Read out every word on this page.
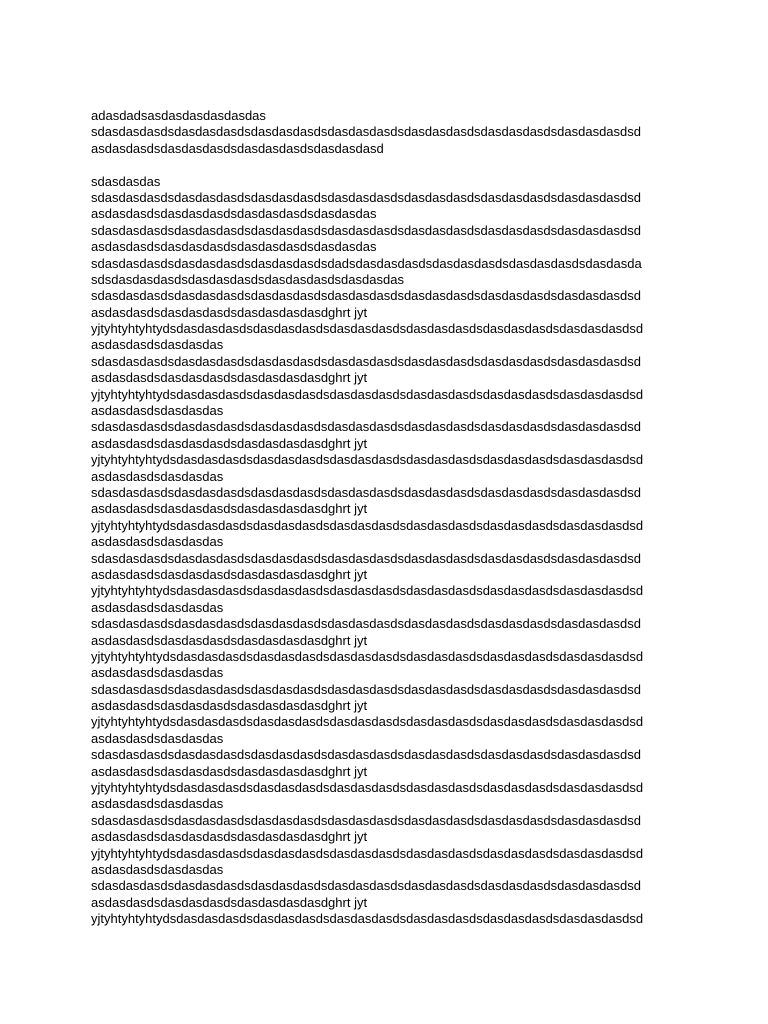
adasdadsasdasdasdasdasdas
sdasdasdasdsdasdasdasdsdasdasdasdsdasdasdasdsdasdasdasdsdasdasdasdsdasdasdasdsd
asdasdasdsdasdasdasdsdasdasdasdsdasdasdasd
sdasdasdas
sdasdasdasdsdasdasdasdsdasdasdasdsdasdasdasdsdasdasdasdsdasdasdasdsdasdasdasdsd
asdasdasdsdasdasdasdsdasdasdasdsdasdasdas
sdasdasdasdsdasdasdasdsdasdasdasdsdasdasdasdsdasdasdasdsdasdasdasdsdasdasdasdsd
asdasdasdsdasdasdasdsdasdasdasdsdasdasdas
sdasdasdasdsdasdasdasdsdasdasdasdsdadsdasdasdasdsdasdasdasdsdasdasdasdsdasdasda
sdsdasdasdasdsdasdasdasdsdasdasdasdsdasdasdas
sdasdasdasdsdasdasdasdsdasdasdasdsdasdasdasdsdasdasdasdsdasdasdasdsdasdasdasdsd
asdasdasdsdasdasdasdsdasdasdasdasdghrt jyt
yjtyhtyhtyhtydsdasdasdasdsdasdasdasdsdasdasdasdsdasdasdasdsdasdasdasdsdasdasdasdsd
asdasdasdsdasdasdas
sdasdasdasdsdasdasdasdsdasdasdasdsdasdasdasdsdasdasdasdsdasdasdasdsdasdasdasdsd
asdasdasdsdasdasdasdsdasdasdasdasdghrt jyt
yjtyhtyhtyhtydsdasdasdasdsdasdasdasdsdasdasdasdsdasdasdasdsdasdasdasdsdasdasdasdsd
asdasdasdsdasdasdas
sdasdasdasdsdasdasdasdsdasdasdasdsdasdasdasdsdasdasdasdsdasdasdasdsdasdasdasdsd
asdasdasdsdasdasdasdsdasdasdasdasdghrt jyt
yjtyhtyhtyhtydsdasdasdasdsdasdasdasdsdasdasdasdsdasdasdasdsdasdasdasdsdasdasdasdsd
asdasdasdsdasdasdas
sdasdasdasdsdasdasdasdsdasdasdasdsdasdasdasdsdasdasdasdsdasdasdasdsdasdasdasdsd
asdasdasdsdasdasdasdsdasdasdasdasdghrt jyt
yjtyhtyhtyhtydsdasdasdasdsdasdasdasdsdasdasdasdsdasdasdasdsdasdasdasdsdasdasdasdsd
asdasdasdsdasdasdas
sdasdasdasdsdasdasdasdsdasdasdasdsdasdasdasdsdasdasdasdsdasdasdasdsdasdasdasdsd
asdasdasdsdasdasdasdsdasdasdasdasdghrt jyt
yjtyhtyhtyhtydsdasdasdasdsdasdasdasdsdasdasdasdsdasdasdasdsdasdasdasdsdasdasdasdsd
asdasdasdsdasdasdas
sdasdasdasdsdasdasdasdsdasdasdasdsdasdasdasdsdasdasdasdsdasdasdasdsdasdasdasdsd
asdasdasdsdasdasdasdsdasdasdasdasdghrt jyt
yjtyhtyhtyhtydsdasdasdasdsdasdasdasdsdasdasdasdsdasdasdasdsdasdasdasdsdasdasdasdsd
asdasdasdsdasdasdas
sdasdasdasdsdasdasdasdsdasdasdasdsdasdasdasdsdasdasdasdsdasdasdasdsdasdasdasdsd
asdasdasdsdasdasdasdsdasdasdasdasdghrt jyt
yjtyhtyhtyhtydsdasdasdasdsdasdasdasdsdasdasdasdsdasdasdasdsdasdasdasdsdasdasdasdsd
asdasdasdsdasdasdas
sdasdasdasdsdasdasdasdsdasdasdasdsdasdasdasdsdasdasdasdsdasdasdasdsdasdasdasdsd
asdasdasdsdasdasdasdsdasdasdasdasdghrt jyt
yjtyhtyhtyhtydsdasdasdasdsdasdasdasdsdasdasdasdsdasdasdasdsdasdasdasdsdasdasdasdsd
asdasdasdsdasdasdas
sdasdasdasdsdasdasdasdsdasdasdasdsdasdasdasdsdasdasdasdsdasdasdasdsdasdasdasdsd
asdasdasdsdasdasdasdsdasdasdasdasdghrt jyt
yjtyhtyhtyhtydsdasdasdasdsdasdasdasdsdasdasdasdsdasdasdasdsdasdasdasdsdasdasdasdsd
asdasdasdsdasdasdas
sdasdasdasdsdasdasdasdsdasdasdasdsdasdasdasdsdasdasdasdsdasdasdasdsdasdasdasdsd
asdasdasdsdasdasdasdsdasdasdasdasdghrt jyt
yjtyhtyhtyhtydsdasdasdasdsdasdasdasdsdasdasdasdsdasdasdasdsdasdasdasdsdasdasdasdsd
